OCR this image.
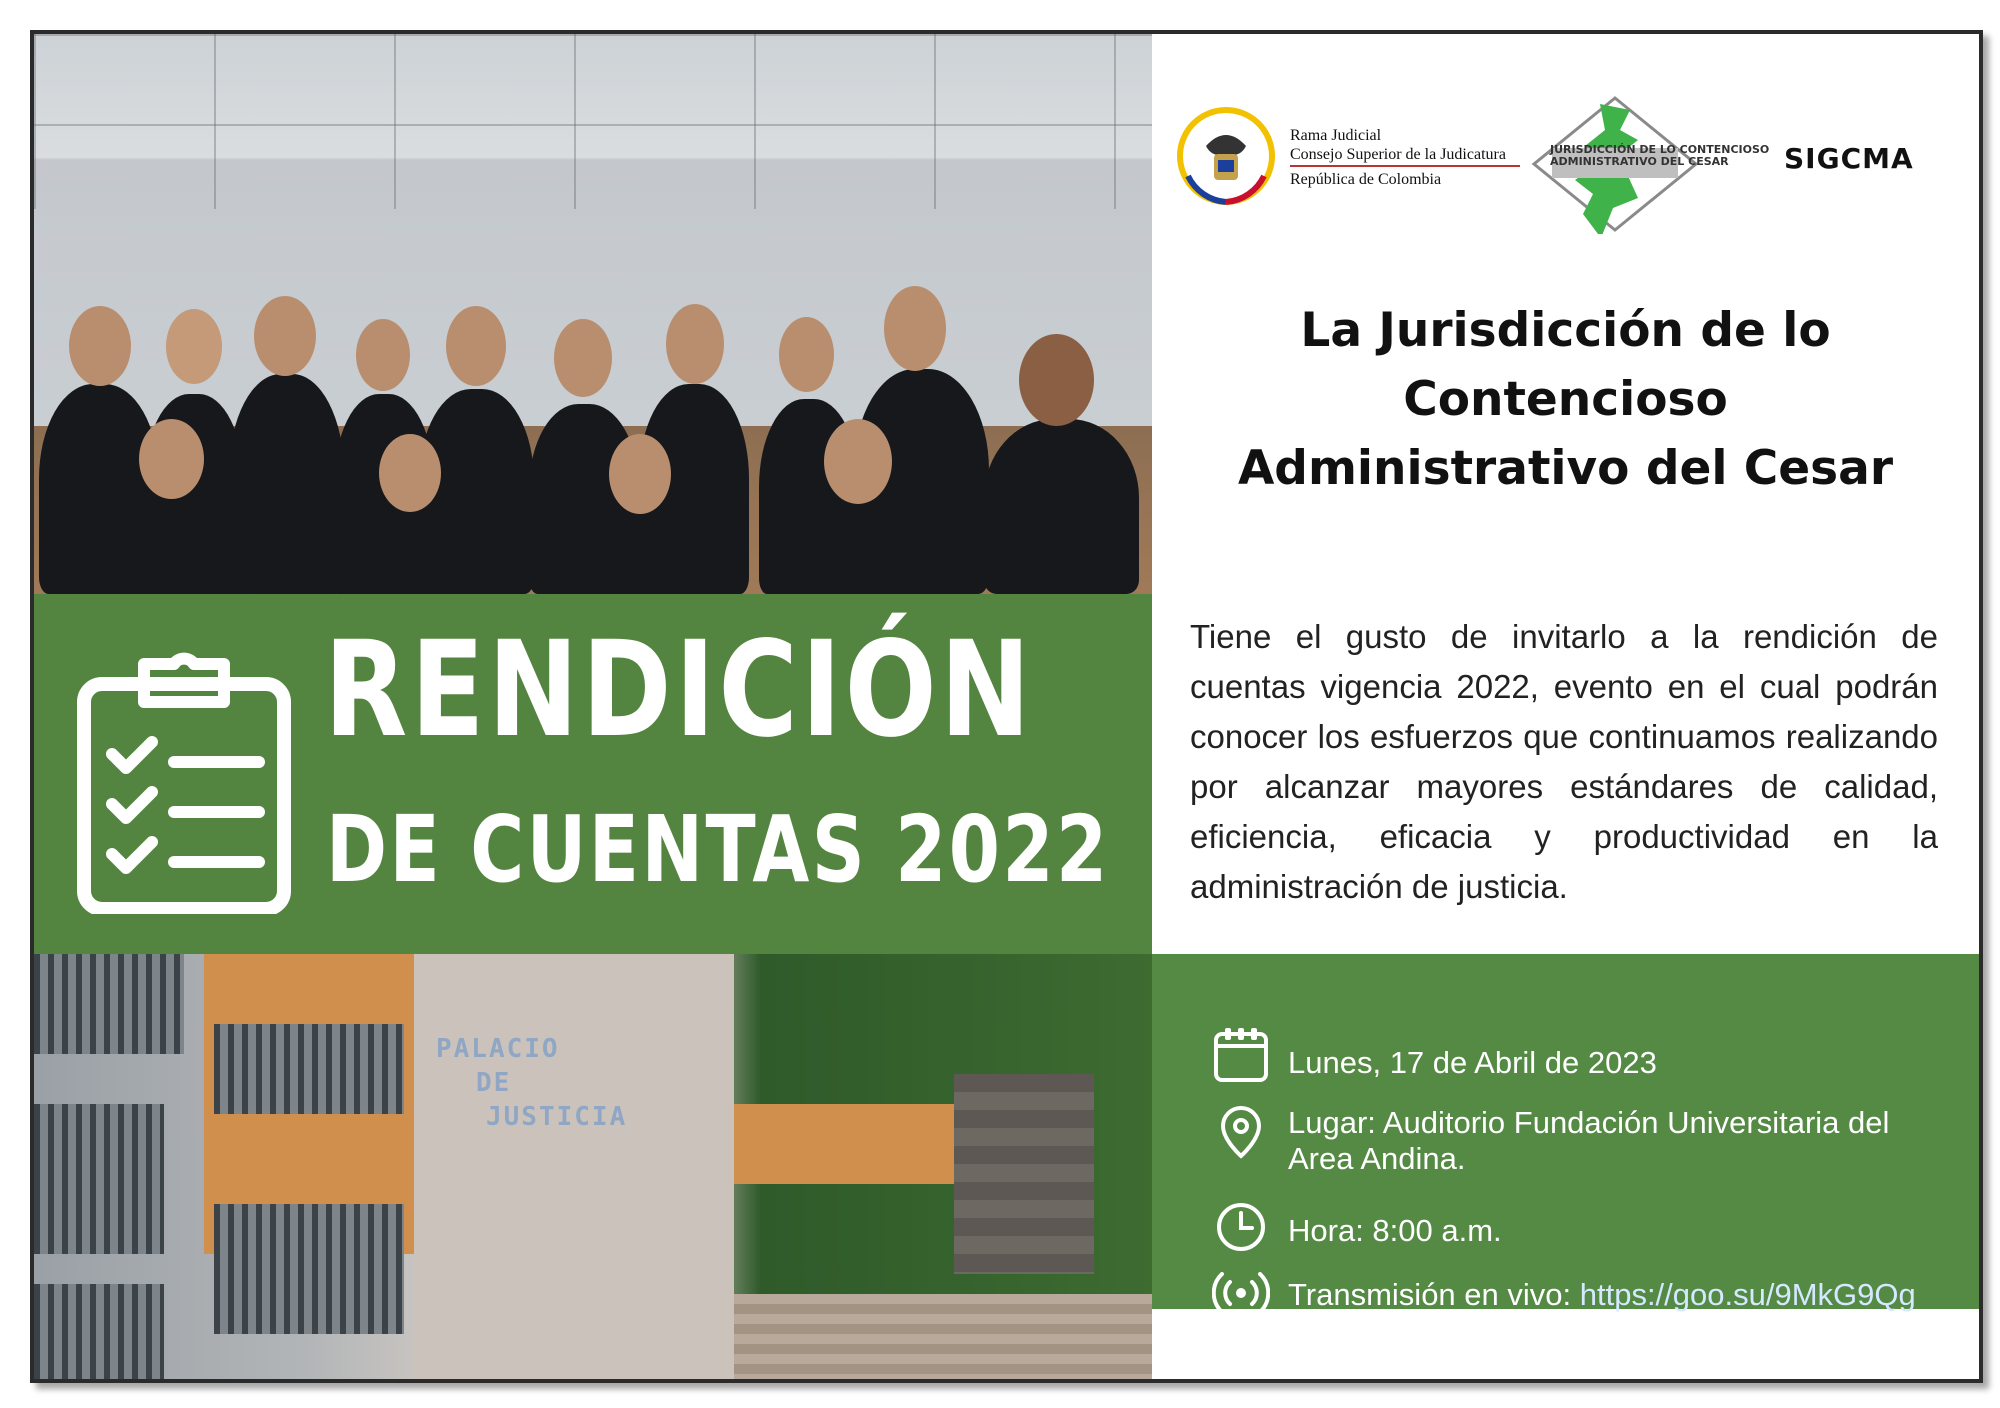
RENDICIÓN
DE CUENTAS 2022
PALACIO
DE
JUSTICIA
Rama Judicial
Consejo Superior de la Judicatura
República de Colombia
JURISDICCIÓN DE LO CONTENCIOSO
ADMINISTRATIVO DEL CESAR SIGCMA
La Jurisdicción de lo
Contencioso
Administrativo del Cesar
Tiene el gusto de invitarlo a la rendición de cuentas vigencia 2022, evento en el cual podrán conocer los esfuerzos que continuamos realizando por alcanzar mayores estándares de calidad, eficiencia, eficacia y productividad en la administración de justicia.
Lunes, 17 de Abril de 2023
Lugar: Auditorio Fundación Universitaria del
Area Andina.
Hora: 8:00 a.m.
Transmisión en vivo: https://goo.su/9MkG9Qg
